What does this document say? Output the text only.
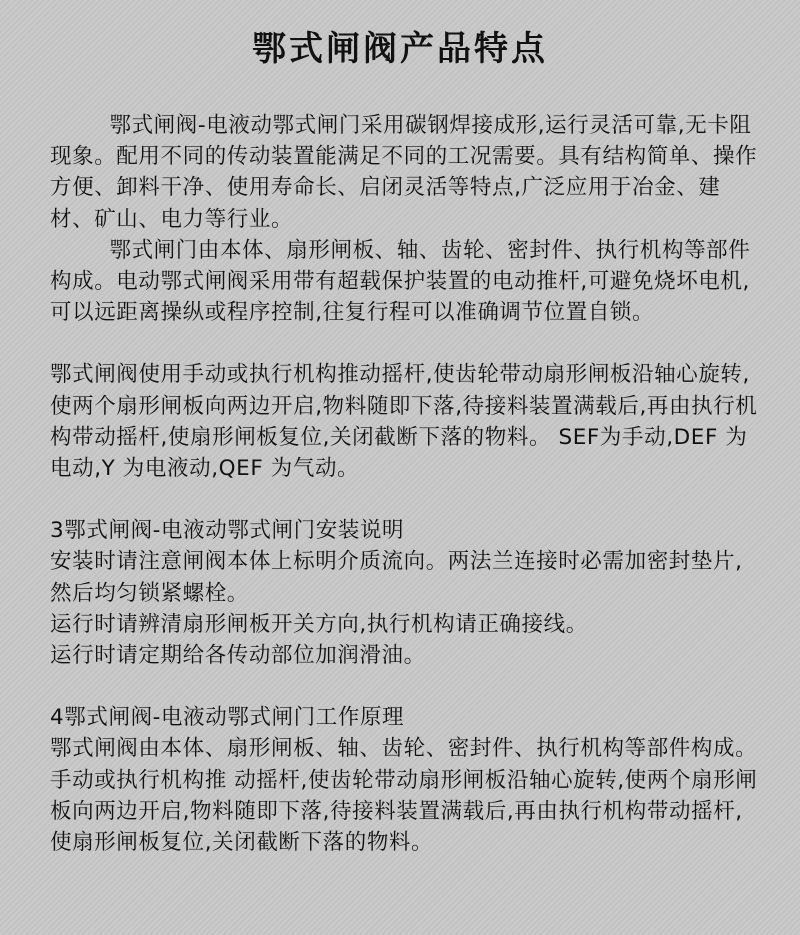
鄂式闸阀产品特点

鄂式闸阀-电液动鄂式闸门采用碳钢焊接成形,运行灵活可靠,无卡阻现象。配用不同的传动装置能满足不同的工况需要。具有结构简单、操作方便、卸料干净、使用寿命长、启闭灵活等特点,广泛应用于冶金、建材、矿山、电力等行业。

鄂式闸门由本体、扇形闸板、轴、齿轮、密封件、执行机构等部件构成。电动鄂式闸阀采用带有超载保护装置的电动推杆,可避免烧坏电机,可以远距离操纵或程序控制,往复行程可以准确调节位置自锁。

鄂式闸阀使用手动或执行机构推动摇杆,使齿轮带动扇形闸板沿轴心旋转,使两个扇形闸板向两边开启,物料随即下落,待接料装置满载后,再由执行机构带动摇杆,使扇形闸板复位,关闭截断下落的物料。 SEF为手动,DEF 为电动,Y 为电液动,QEF 为气动。

3鄂式闸阀-电液动鄂式闸门安装说明

安装时请注意闸阀本体上标明介质流向。两法兰连接时必需加密封垫片,然后均匀锁紧螺栓。

运行时请辨清扇形闸板开关方向,执行机构请正确接线。

运行时请定期给各传动部位加润滑油。

4鄂式闸阀-电液动鄂式闸门工作原理

鄂式闸阀由本体、扇形闸板、轴、齿轮、密封件、执行机构等部件构成。手动或执行机构推 动摇杆,使齿轮带动扇形闸板沿轴心旋转,使两个扇形闸板向两边开启,物料随即下落,待接料装置满载后,再由执行机构带动摇杆,使扇形闸板复位,关闭截断下落的物料。
